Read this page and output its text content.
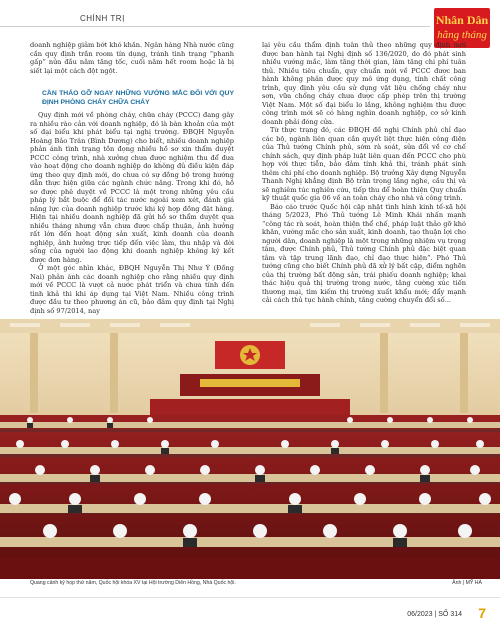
CHÍNH TRỊ	Nhân Dân
hằng tháng

doanh nghiệp giảm bớt khó khăn. Ngân hàng Nhà nước cũng cần quy định trần room tín dụng, tránh tình trạng “phanh gấp” nửa đầu năm tăng tốc, cuối năm hết room hoặc là bị siết lại một cách đột ngột.

CẦN THÁO GỠ NGAY NHỮNG VƯỚNG MẮC ĐỐI VỚI QUY ĐỊNH PHÒNG CHÁY CHỮA CHÁY

Quy định mới về phòng cháy, chữa cháy (PCCC) đang gây ra nhiều rào cản với doanh nghiệp, đó là bàn khoản của một số đại biểu khi phát biểu tại nghị trường. ĐBQH Nguyễn Hoàng Bảo Trân (Bình Dương) cho biết, nhiều doanh nghiệp phản ánh tình trạng tồn đọng nhiều hồ sơ xin thẩm duyệt PCCC công trình, nhà xưởng chưa được nghiệm thu để đưa vào hoạt động cho doanh nghiệp do không đủ điều kiện đáp ứng theo quy định mới, do chưa có sự đồng bộ trong hướng dẫn thực hiện giữa các ngành chức năng. Trong khi đó, hồ sơ được phê duyệt về PCCC là một trong những yêu cầu pháp lý bắt buộc để đối tác nước ngoài xem xét, đánh giá năng lực của doanh nghiệp trước khi ký hợp đồng đặt hàng. Hiện tại nhiều doanh nghiệp đã gửi hồ sơ thẩm duyệt qua nhiều tháng nhưng vẫn chưa được chấp thuận, ảnh hưởng rất lớn đến hoạt động sản xuất, kinh doanh của doanh nghiệp, ảnh hưởng trực tiếp đến việc làm, thu nhập và đời sống của người lao động khi doanh nghiệp không ký kết được đơn hàng.

Ở một góc nhìn khác, ĐBQH Nguyễn Thị Như Ý (Đồng Nai) phản ánh các doanh nghiệp cho rằng nhiều quy định mới về PCCC là vượt cả nước phát triển và chưa tính đến tình khả thi khi áp dụng tại Việt Nam. Nhiều công trình được đầu tư theo phương án cũ, bảo đảm quy định tại Nghị định số 97/2014, nay

lại yêu cầu thẩm định tuân thủ theo những quy định mới được ban hành tại Nghị định số 136/2020, do đó phát sinh nhiều vướng mắc, làm tăng thời gian, làm tăng chi phí tuân thủ. Nhiều tiêu chuẩn, quy chuẩn mới về PCCC được ban hành không phân được quy mô ứng dụng, tính chất công trình, quy định yêu cầu sử dụng vật liệu chống cháy như sơn, vữa chống cháy chưa được cấp phép trên thị trường Việt Nam. Một số đại biểu lo lắng, không nghiệm thu được công trình mới sẽ có hàng nghìn doanh nghiệp, cơ sở kinh doanh phải đóng cửa.

Từ thực trạng đó, các ĐBQH đề nghị Chính phủ chỉ đạo các bộ, ngành liên quan cần quyết liệt thực hiện công điện của Thủ tướng Chính phủ, sớm rà soát, sửa đổi về cơ chế chính sách, quy định pháp luật liên quan đến PCCC cho phù hợp với thực tiễn, bảo đảm tính khả thi, tránh phát sinh thêm chi phí cho doanh nghiệp. Bộ trưởng Xây dựng Nguyễn Thanh Nghị khẳng định Bộ trân trọng lắng nghe, cầu thị và sẽ nghiêm túc nghiên cứu, tiếp thu để hoàn thiện Quy chuẩn kỹ thuật quốc gia 06 về an toàn cháy cho nhà và công trình.

Báo cáo trước Quốc hội cập nhật tình hình kinh tế-xã hội tháng 5/2023, Phó Thủ tướng Lê Minh Khái nhấn mạnh “công tác rà soát, hoàn thiện thể chế, pháp luật thảo gỡ khó khăn, vướng mắc cho sản xuất, kinh doanh, tạo thuận lợi cho người dân, doanh nghiệp là một trong những nhiệm vụ trọng tâm, được Chính phủ, Thủ tướng Chính phủ đặc biệt quan tâm và tập trung lãnh đạo, chỉ đạo thực hiện”. Phó Thủ tướng cũng cho biết Chính phủ đã xử lý bất cập, điểm nghẽn của thị trường bất động sản, trái phiếu doanh nghiệp; khai thác hiệu quả thị trường trong nước, tăng cường xúc tiến thương mại, tìm kiếm thị trường xuất khẩu mới; đẩy mạnh cải cách thủ tục hành chính, tăng cường chuyển đổi số...

Quang cảnh kỳ họp thứ năm, Quốc hội khóa XV tại Hội trường Diên Hồng, Nhà Quốc hội.	Ảnh | MỸ HÀ
06/2023 | SỐ 314 7
